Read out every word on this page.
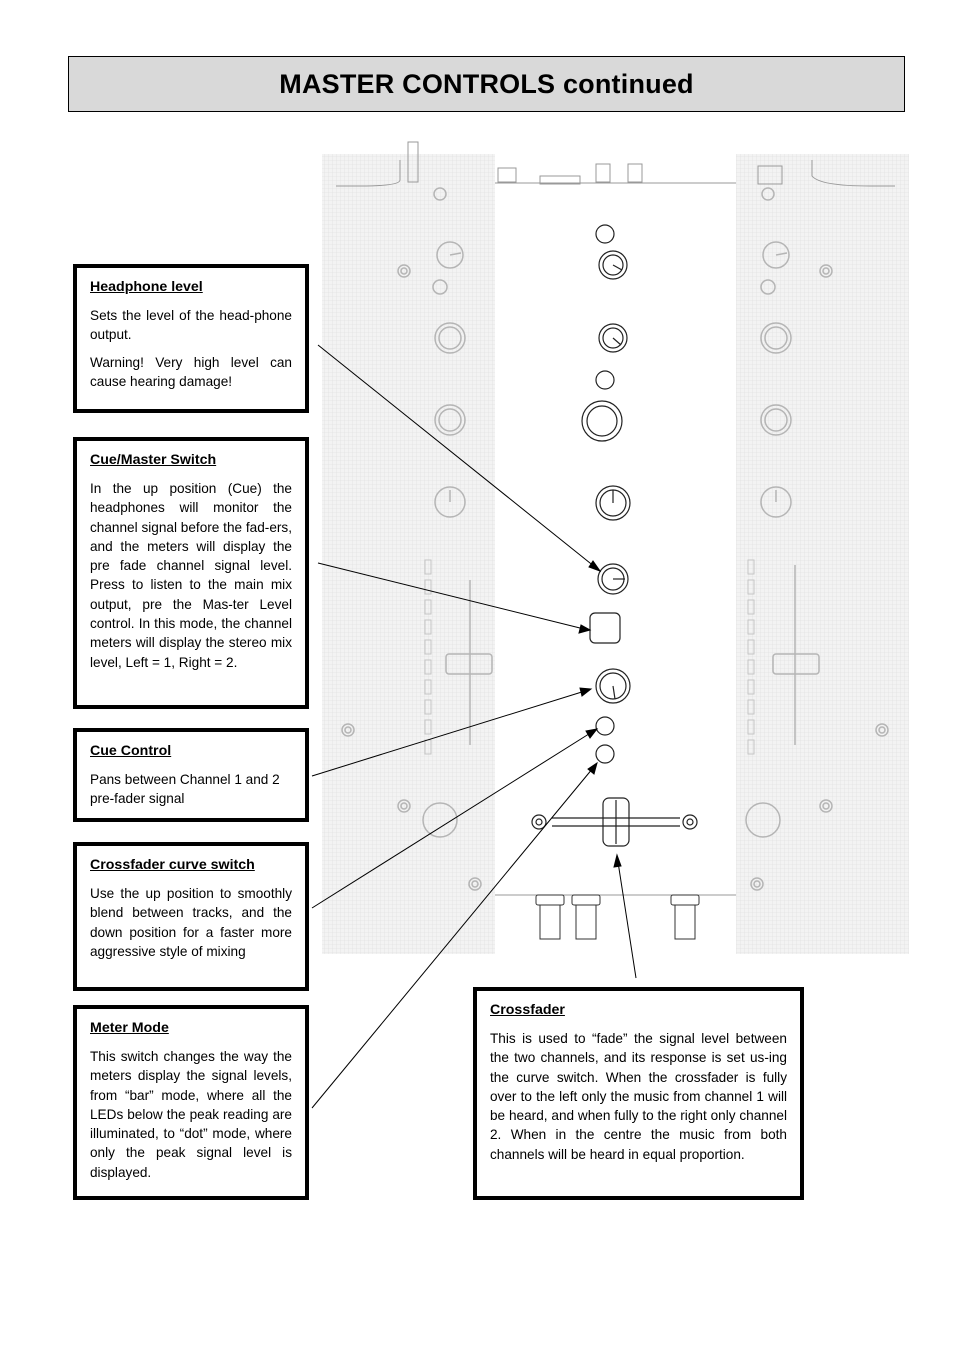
MASTER CONTROLS continued
Headphone level

Sets the level of the head-phone output.

Warning! Very high level can cause hearing damage!

Cue/Master Switch

In the up position (Cue) the headphones will monitor the channel signal before the fad-ers, and the meters will display the pre fade channel signal level. Press to listen to the main mix output, pre the Mas-ter Level control. In this mode, the channel meters will display the stereo mix level, Left = 1, Right = 2.

Cue Control

Pans between Channel 1 and 2 pre-fader signal

Crossfader curve switch

Use the up position to smoothly blend between tracks, and the down position for a faster more aggressive style of mixing

Meter Mode

This switch changes the way the meters display the signal levels, from “bar” mode, where all the LEDs below the peak reading are illuminated, to “dot” mode, where only the peak signal level is displayed.

Crossfader

This is used to “fade” the signal level between the two channels, and its response is set us-ing the curve switch. When the crossfader is fully over to the left only the music from channel 1 will be heard, and when fully to the right only channel 2. When in the centre the music from both channels will be heard in equal proportion.
